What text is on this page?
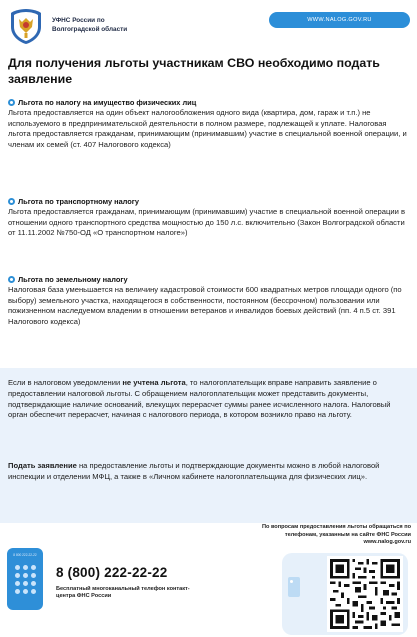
УФНС России по
Волгоградской области
WWW.NALOG.GOV.RU
Для получения льготы участникам СВО необходимо подать заявление
Льгота по налогу на имущество физических лиц
Льгота предоставляется на один объект налогообложения одного вида (квартира, дом, гараж и т.п.) не используемого в предпринимательской деятельности в полном размере, подлежащей к уплате. Налоговая льгота предоставляется гражданам, принимающим (принимавшим) участие в специальной военной операции, и членам их семей (ст. 407 Налогового кодекса)
Льгота по транспортному налогу
Льгота предоставляется гражданам, принимающим (принимавшим) участие в специальной военной операции в отношении одного транспортного средства мощностью до 150 л.с. включительно (Закон Волгоградской области от 11.11.2002 №750-ОД «О транспортном налоге»)
Льгота по земельному налогу
Налоговая база уменьшается на величину кадастровой стоимости 600 квадратных метров площади одного (по выбору) земельного участка, находящегося в собственности, постоянном (бессрочном) пользовании или пожизненном наследуемом владении в отношении ветеранов и инвалидов боевых действий (пп. 4 п.5 ст. 391 Налогового кодекса)
Если в налоговом уведомлении не учтена льгота, то налогоплательщик вправе направить заявление о предоставлении налоговой льготы. С обращением налогоплательщик может представить документы, подтверждающие наличие оснований, влекущих перерасчет суммы ранее исчисленного налога. Налоговый орган обеспечит перерасчет, начиная с налогового периода, в котором возникло право на льготу.
Подать заявление на предоставление льготы и подтверждающие документы можно в любой налоговой инспекции и отделении МФЦ, а также в «Личном кабинете налогоплательщика для физических лиц».
По вопросам предоставления льготы обращаться по телефонам, указанным на сайте ФНС России www.nalog.gov.ru
8 800 222-22-22
8 (800) 222-22-22
Бесплатный многоканальный телефон контакт-центра ФНС России
